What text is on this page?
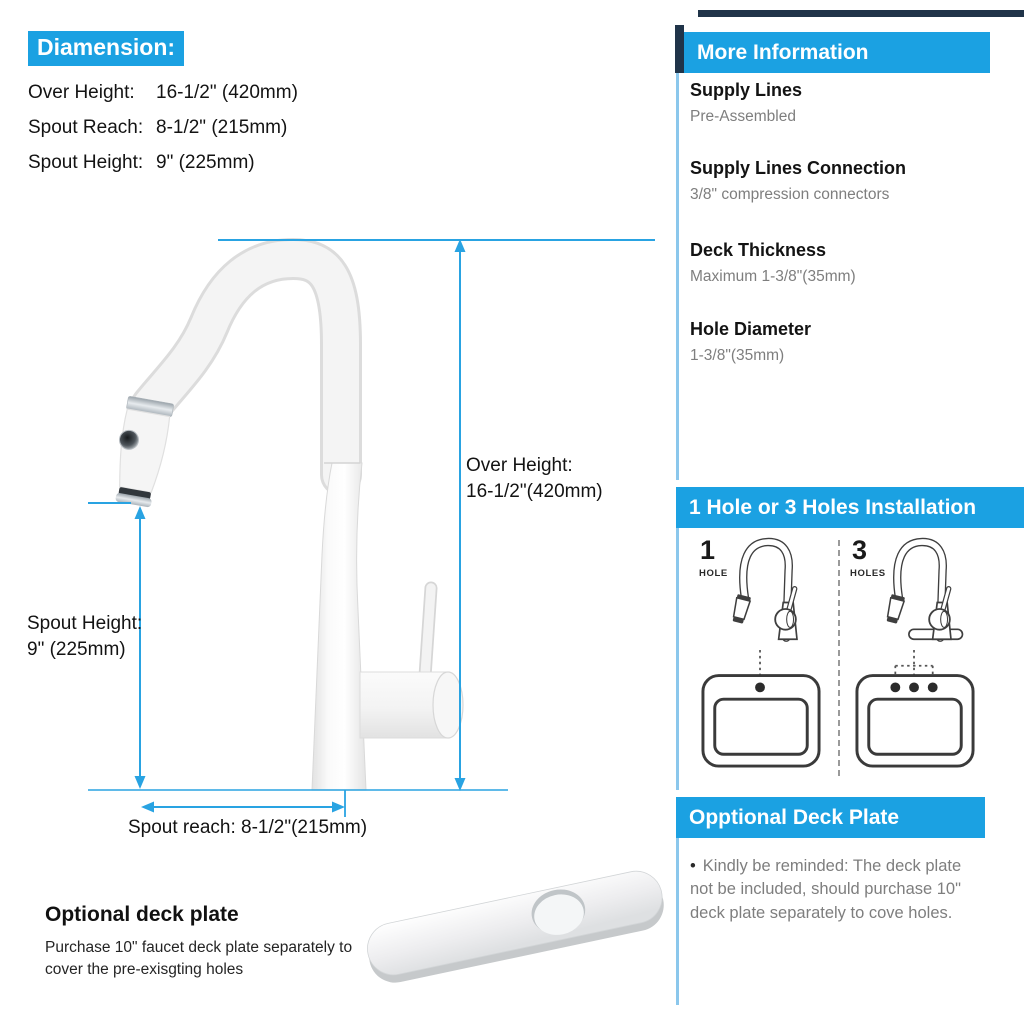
Diamension:
Over Height: 16-1/2" (420mm)
Spout Reach: 8-1/2" (215mm)
Spout Height: 9" (225mm)
Over Height:
16-1/2"(420mm)
Spout Height:
9" (225mm)
Spout reach: 8-1/2"(215mm)
Optional deck plate
Purchase 10" faucet deck plate separately to
cover the pre-exisgting holes
More Information
Supply Lines
Pre-Assembled
Supply Lines Connection
3/8" compression connectors
Deck Thickness
Maximum 1-3/8"(35mm)
Hole Diameter
1-3/8"(35mm)
1 Hole or 3 Holes Installation
1
HOLE
3
HOLES
Opptional Deck Plate
• Kindly be reminded: The deck plate not be included, should purchase 10" deck plate separately to cove holes.
